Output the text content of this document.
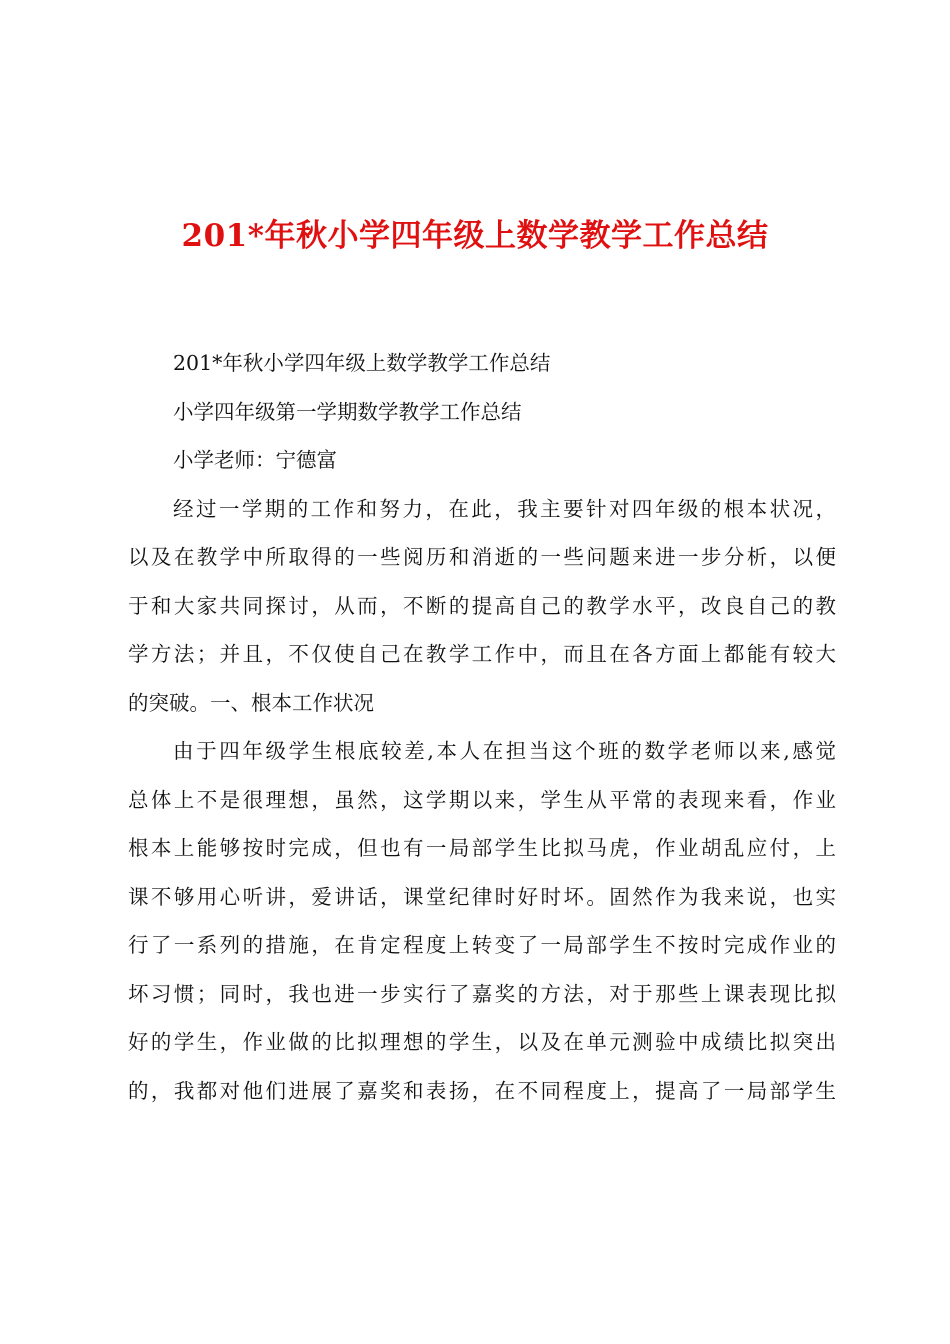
201*年秋小学四年级上数学教学工作总结
201*年秋小学四年级上数学教学工作总结
小学四年级第一学期数学教学工作总结
小学老师：宁德富
经过一学期的工作和努力，在此，我主要针对四年级的根本状况，
以及在教学中所取得的一些阅历和消逝的一些问题来进一步分析，以便
于和大家共同探讨，从而，不断的提高自己的教学水平，改良自己的教
学方法；并且，不仅使自己在教学工作中，而且在各方面上都能有较大
的突破。一、根本工作状况
由于四年级学生根底较差,本人在担当这个班的数学老师以来,感觉
总体上不是很理想，虽然，这学期以来，学生从平常的表现来看，作业
根本上能够按时完成，但也有一局部学生比拟马虎，作业胡乱应付，上
课不够用心听讲，爱讲话，课堂纪律时好时坏。固然作为我来说，也实
行了一系列的措施，在肯定程度上转变了一局部学生不按时完成作业的
坏习惯；同时，我也进一步实行了嘉奖的方法，对于那些上课表现比拟
好的学生，作业做的比拟理想的学生，以及在单元测验中成绩比拟突出
的，我都对他们进展了嘉奖和表扬，在不同程度上，提高了一局部学生
